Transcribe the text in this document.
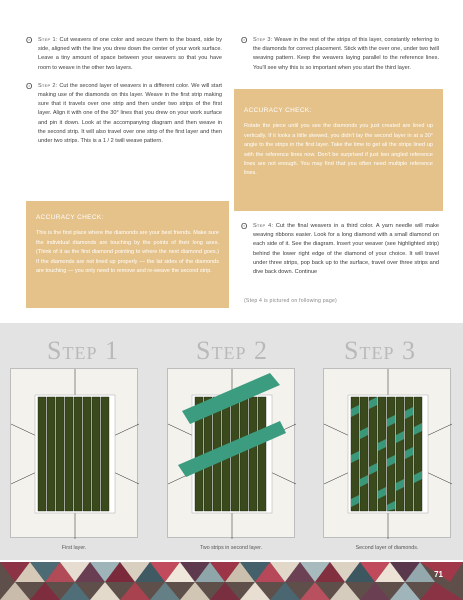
ʘ Step 1: Cut weavers of one color and secure them to the board, side by side, aligned with the line you drew down the center of your work surface. Leave a tiny amount of space between your weavers so that you have room to weave in the other two layers.

ʘ Step 2: Cut the second layer of weavers in a different color. We will start making use of the diamonds on this layer. Weave in the first strip making sure that it travels over one strip and then under two strips of the first layer. Align it with one of the 30° lines that you drew on your work surface and pin it down. Look at the accompanying diagram and then weave in the second strip. It will also travel over one strip of the first layer and then under two strips. This is a 1 / 2 twill weave pattern.

ACCURACY CHECK:

This is the first place where the diamonds are your best friends. Make sure the individual diamonds are touching by the points of their long axes. (Think of it as the first diamond pointing to where the next diamond goes.) If the diamonds are not lined up properly — the lat sides of the diamonds are touching — you only need to remove and re-weave the second strip.

ʘ Step 3: Weave in the rest of the strips of this layer, constantly referring to the diamonds for correct placement. Stick with the over one, under two twill weaving pattern. Keep the weavers laying parallel to the reference lines. You'll see why this is so important when you start the third layer.

ACCURACY CHECK:

Rotate the piece until you see the diamonds you just created are lined up vertically. If it looks a little skewed, you didn't lay the second layer in at a 30° angle to the strips in the first layer. Take the time to get all the strips lined up with the reference lines now. Don't be surprised if just two angled reference lines are not enough. You may find that you often need multiple reference lines.

ʘ Step 4: Cut the final weavers in a third color. A yarn needle will make weaving ribbons easier. Look for a long diamond with a small diamond on each side of it. See the diagram. Insert your weaver (see highlighted strip) behind the lower right edge of the diamond of your choice. It will travel under three strips, pop back up to the surface, travel over three strips and dive back down. Continue

(Step 4 is pictured on following page)
Step 1	Step 2	Step 3
First layer.	Two strips in second layer.	Second layer of diamonds.
71
